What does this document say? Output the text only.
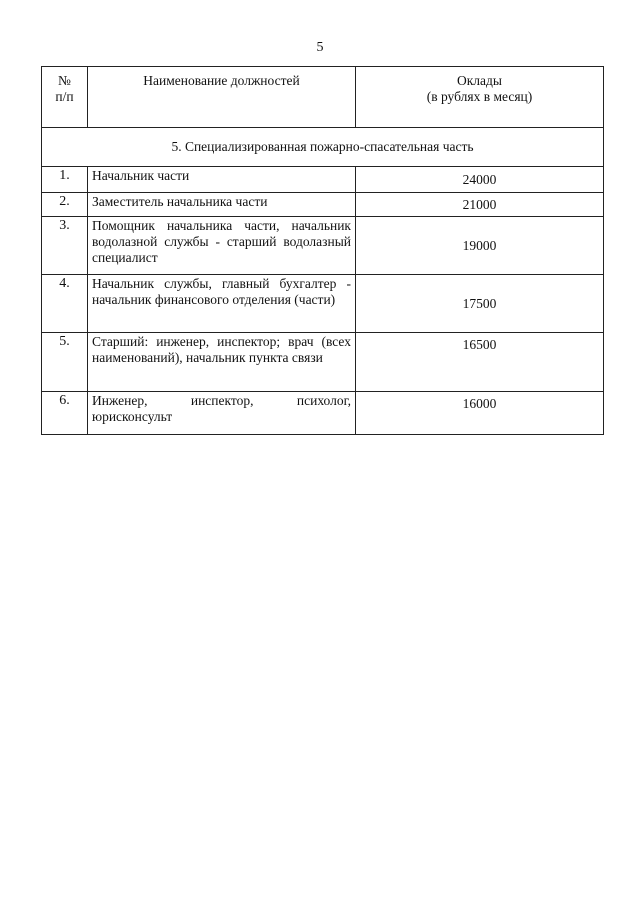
5
№
п/п	Наименование должностей	Оклады
(в рублях в месяц)

5. Специализированная пожарно-спасательная часть		
1.	Начальник части	24000
2.	Заместитель начальника части	21000
3.	Помощник начальника части, начальник водолазной службы - старший водолазный специалист	19000
4.	Начальник службы, главный бухгалтер - начальник финансового отделения (части)	17500
5.	Старший: инженер, инспектор; врач (всех наименований), начальник пункта связи	16500
6.	Инженер, инспектор, психолог, юрисконсульт	16000
